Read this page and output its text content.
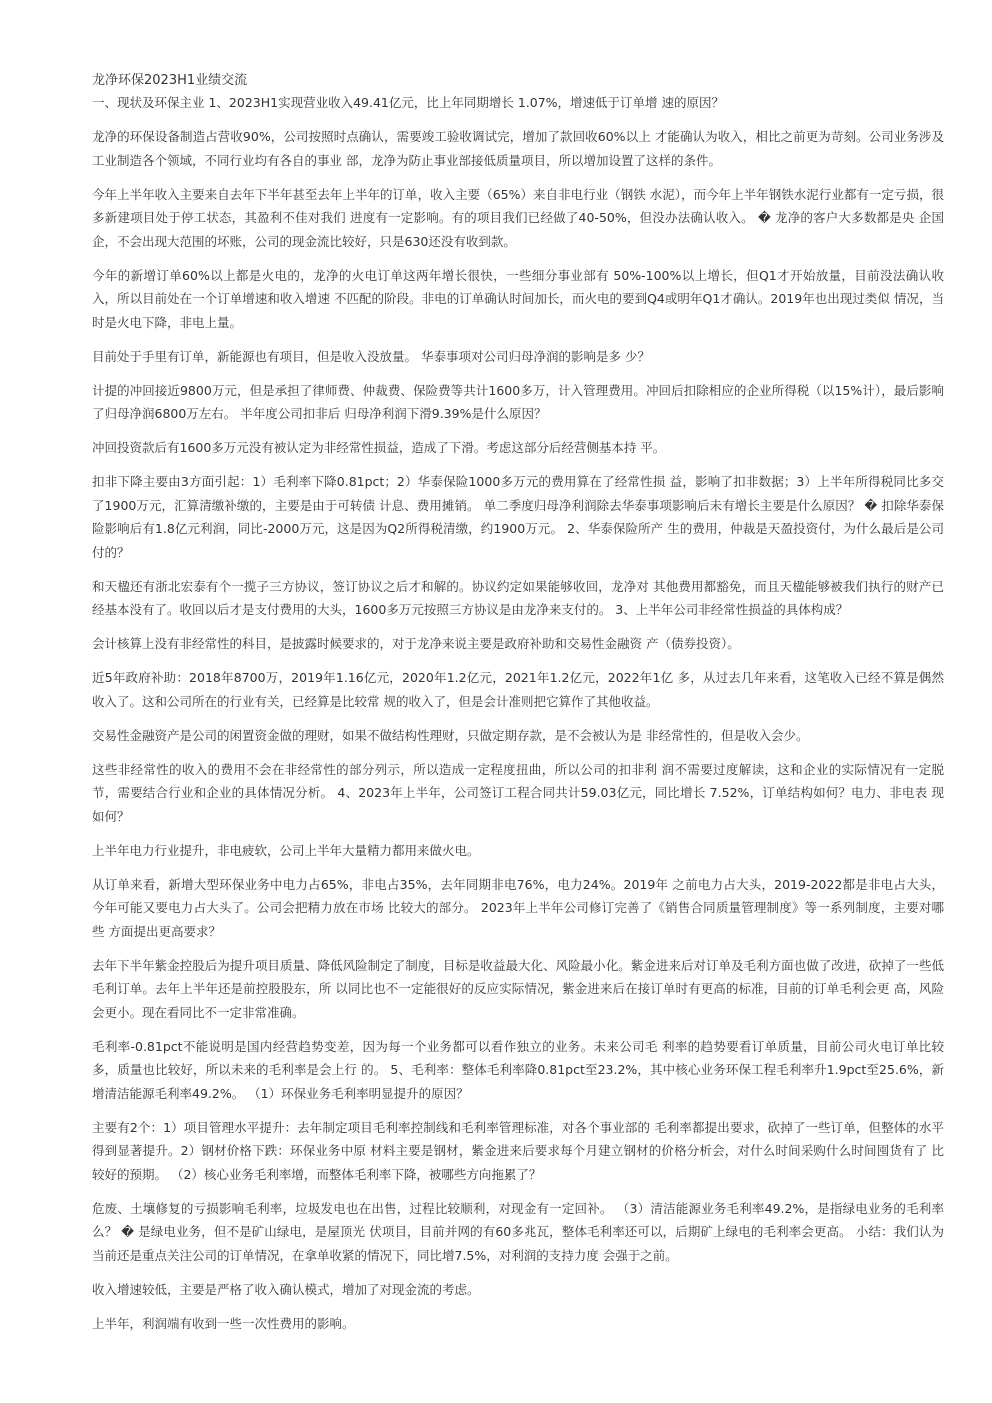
龙净环保2023H1业绩交流

一、现状及环保主业 1、2023H1实现营业收入49.41亿元，比上年同期增长 1.07%，增速低于订单增 速的原因？

龙净的环保设备制造占营收90%，公司按照时点确认，需要竣工验收调试完，增加了款回收60%以上 才能确认为收入，相比之前更为苛刻。公司业务涉及工业制造各个领域，不同行业均有各自的事业 部，龙净为防止事业部接低质量项目，所以增加设置了这样的条件。

今年上半年收入主要来自去年下半年甚至去年上半年的订单，收入主要（65%）来自非电行业（钢铁 水泥），而今年上半年钢铁水泥行业都有一定亏损，很多新建项目处于停工状态，其盈利不佳对我们 进度有一定影响。有的项目我们已经做了40-50%，但没办法确认收入。 � 龙净的客户大多数都是央 企国企，不会出现大范围的坏账，公司的现金流比较好，只是630还没有收到款。

今年的新增订单60%以上都是火电的，龙净的火电订单这两年增长很快，一些细分事业部有 50%-100%以上增长，但Q1才开始放量，目前没法确认收入，所以目前处在一个订单增速和收入增速 不匹配的阶段。非电的订单确认时间加长，而火电的要到Q4或明年Q1才确认。2019年也出现过类似 情况，当时是火电下降，非电上量。

目前处于手里有订单，新能源也有项目，但是收入没放量。 华泰事项对公司归母净润的影响是多 少？

计提的冲回接近9800万元，但是承担了律师费、仲裁费、保险费等共计1600多万，计入管理费用。冲回后扣除相应的企业所得税（以15%计），最后影响了归母净润6800万左右。 半年度公司扣非后 归母净利润下滑9.39%是什么原因？

冲回投资款后有1600多万元没有被认定为非经常性损益，造成了下滑。考虑这部分后经营侧基本持 平。

扣非下降主要由3方面引起：1）毛利率下降0.81pct；2）华泰保险1000多万元的费用算在了经常性损 益，影响了扣非数据；3）上半年所得税同比多交了1900万元，汇算清缴补缴的，主要是由于可转债 计息、费用摊销。 单二季度归母净利润除去华泰事项影响后未有增长主要是什么原因？ � 扣除华泰保 险影响后有1.8亿元利润，同比-2000万元，这是因为Q2所得税清缴，约1900万元。 2、华泰保险所产 生的费用，仲裁是天盈投资付，为什么最后是公司付的？

和天楹还有浙北宏泰有个一揽子三方协议，签订协议之后才和解的。协议约定如果能够收回，龙净对 其他费用都豁免，而且天楹能够被我们执行的财产已经基本没有了。收回以后才是支付费用的大头，1600多万元按照三方协议是由龙净来支付的。 3、上半年公司非经常性损益的具体构成？

会计核算上没有非经常性的科目，是披露时候要求的，对于龙净来说主要是政府补助和交易性金融资 产（债券投资）。

近5年政府补助：2018年8700万，2019年1.16亿元，2020年1.2亿元，2021年1.2亿元，2022年1亿 多，从过去几年来看，这笔收入已经不算是偶然收入了。这和公司所在的行业有关，已经算是比较常 规的收入了，但是会计准则把它算作了其他收益。

交易性金融资产是公司的闲置资金做的理财，如果不做结构性理财，只做定期存款，是不会被认为是 非经常性的，但是收入会少。

这些非经常性的收入的费用不会在非经常性的部分列示，所以造成一定程度扭曲，所以公司的扣非利 润不需要过度解读，这和企业的实际情况有一定脱节，需要结合行业和企业的具体情况分析。 4、2023年上半年，公司签订工程合同共计59.03亿元，同比增长 7.52%，订单结构如何？电力、非电表 现如何？

上半年电力行业提升，非电疲软，公司上半年大量精力都用来做火电。

从订单来看，新增大型环保业务中电力占65%，非电占35%，去年同期非电76%，电力24%。2019年 之前电力占大头，2019-2022都是非电占大头，今年可能又要电力占大头了。公司会把精力放在市场 比较大的部分。 2023年上半年公司修订完善了《销售合同质量管理制度》等一系列制度，主要对哪些 方面提出更高要求？

去年下半年紫金控股后为提升项目质量、降低风险制定了制度，目标是收益最大化、风险最小化。紫金进来后对订单及毛利方面也做了改进，砍掉了一些低毛利订单。去年上半年还是前控股股东，所 以同比也不一定能很好的反应实际情况，紫金进来后在接订单时有更高的标准，目前的订单毛利会更 高，风险会更小。现在看同比不一定非常准确。

毛利率-0.81pct不能说明是国内经营趋势变差，因为每一个业务都可以看作独立的业务。未来公司毛 利率的趋势要看订单质量，目前公司火电订单比较多，质量也比较好，所以未来的毛利率是会上行 的。 5、毛利率：整体毛利率降0.81pct至23.2%，其中核心业务环保工程毛利率升1.9pct至25.6%，新增清洁能源毛利率49.2%。 （1）环保业务毛利率明显提升的原因？

主要有2个：1）项目管理水平提升：去年制定项目毛利率控制线和毛利率管理标准，对各个事业部的 毛利率都提出要求，砍掉了一些订单，但整体的水平得到显著提升。2）钢材价格下跌：环保业务中原 材料主要是钢材，紫金进来后要求每个月建立钢材的价格分析会，对什么时间采购什么时间囤货有了 比较好的预期。 （2）核心业务毛利率增，而整体毛利率下降，被哪些方向拖累了？

危废、土壤修复的亏损影响毛利率，垃圾发电也在出售，过程比较顺利，对现金有一定回补。 （3）清洁能源业务毛利率49.2%，是指绿电业务的毛利率么？ � 是绿电业务，但不是矿山绿电，是屋顶光 伏项目，目前并网的有60多兆瓦，整体毛利率还可以，后期矿上绿电的毛利率会更高。 小结：我们认为当前还是重点关注公司的订单情况，在拿单收紧的情况下，同比增7.5%，对利润的支持力度 会强于之前。

收入增速较低，主要是严格了收入确认模式，增加了对现金流的考虑。

上半年，利润端有收到一些一次性费用的影响。
